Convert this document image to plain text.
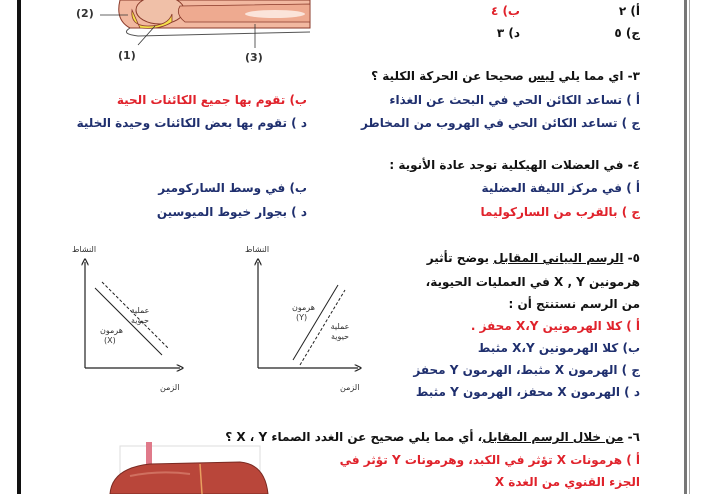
(2)
(1)	(3)
أ) ٢
ب) ٤
ج) ٥
د) ٣
٣- اي مما يلي ليس صحيحا عن الحركة الكلية ؟
أ ) تساعد الكائن الحي في البحث عن الغذاء
ب) تقوم بها جميع الكائنات الحية
ج ) تساعد الكائن الحي في الهروب من المخاطر
د ) تقوم بها بعض الكائنات وحيدة الخلية
٤- في العضلات الهيكلية توجد عادة الأنوية :
أ ) في مركز الليفة العضلية
ب) في وسط الساركومير
ج ) بالقرب من الساركوليما
د ) بجوار خيوط الميوسين
٥- الرسم البياني المقابل يوضح تأثير
هرمونين X , Y في العمليات الحيوية،
من الرسم نستنتج أن :
أ ) كلا الهرمونين X،Y محفز .
ب) كلا الهرمونين X،Y مثبط
ج ) الهرمون X مثبط، الهرمون Y محفز
د ) الهرمون X محفز، الهرمون Y مثبط
النشاط
الزمن
عملية حيوية
هرمون
(X)
النشاط
الزمن
عملية حيوية
هرمون
(Y)
٦- من خلال الرسم المقابل، أي مما يلي صحيح عن الغدد الصماء X ، Y ؟
أ ) هرمونات X تؤثر في الكبد، وهرمونات Y تؤثر في
الجزء القنوي من الغدة X
